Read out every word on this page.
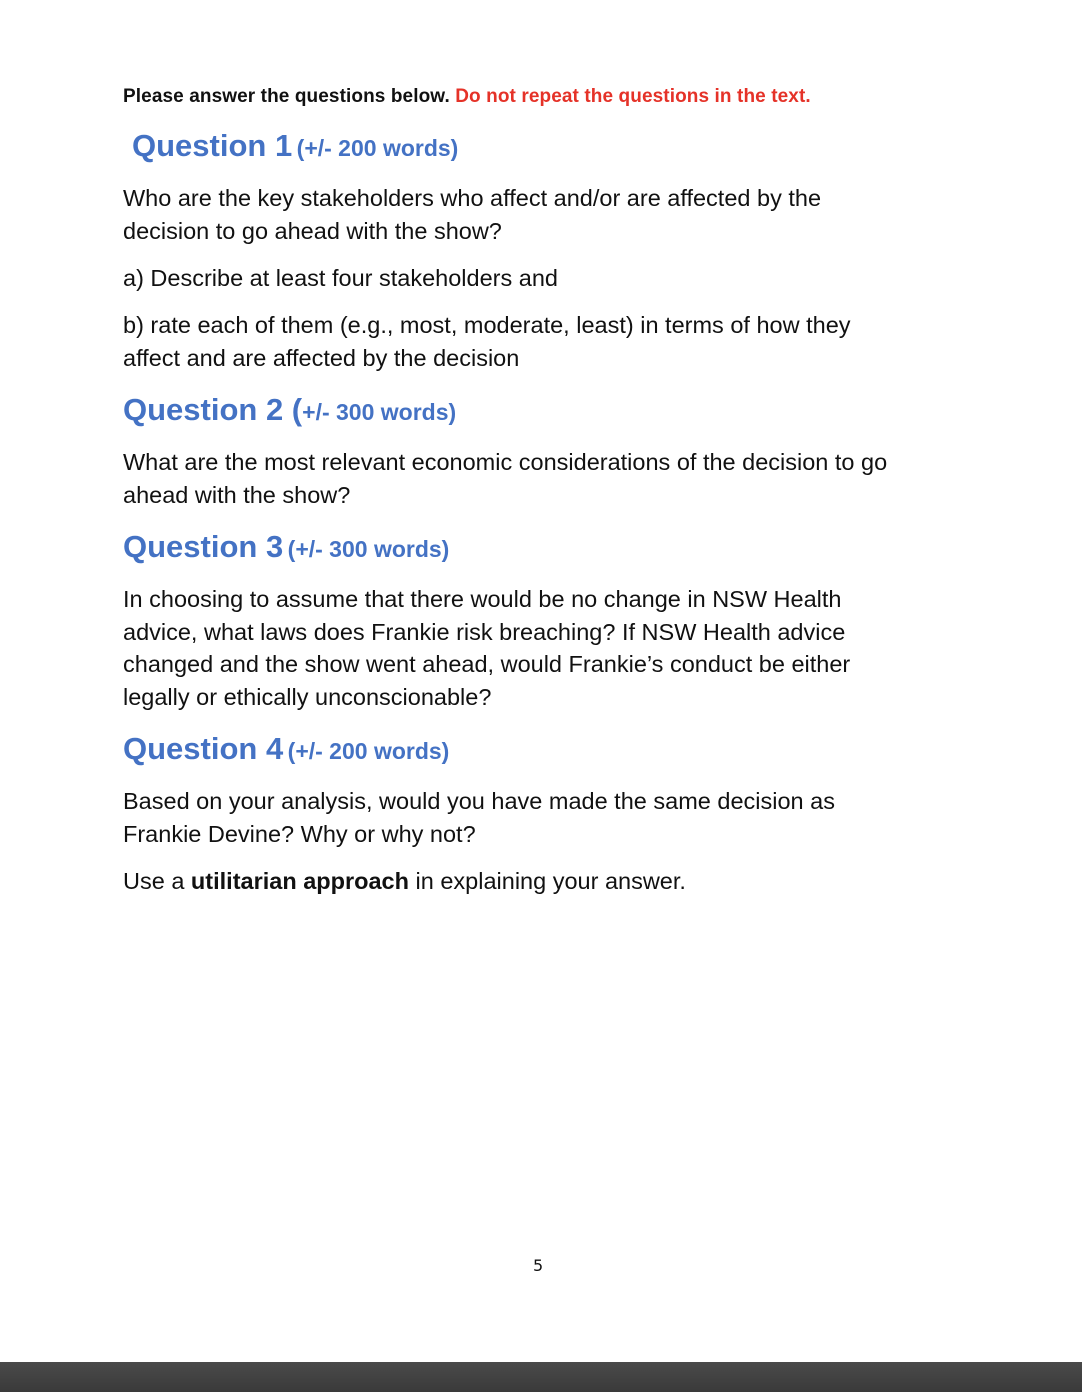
Please answer the questions below. Do not repeat the questions in the text.
Question 1 (+/- 200 words)

Who are the key stakeholders who affect and/or are affected by the
decision to go ahead with the show?

a) Describe at least four stakeholders and

b) rate each of them (e.g., most, moderate, least) in terms of how they
affect and are affected by the decision

Question 2 (+/- 300 words)

What are the most relevant economic considerations of the decision to go
ahead with the show?

Question 3 (+/- 300 words)

In choosing to assume that there would be no change in NSW Health
advice, what laws does Frankie risk breaching? If NSW Health advice
changed and the show went ahead, would Frankie’s conduct be either
legally or ethically unconscionable?

Question 4 (+/- 200 words)

Based on your analysis, would you have made the same decision as
Frankie Devine? Why or why not?

Use a utilitarian approach in explaining your answer.

5
